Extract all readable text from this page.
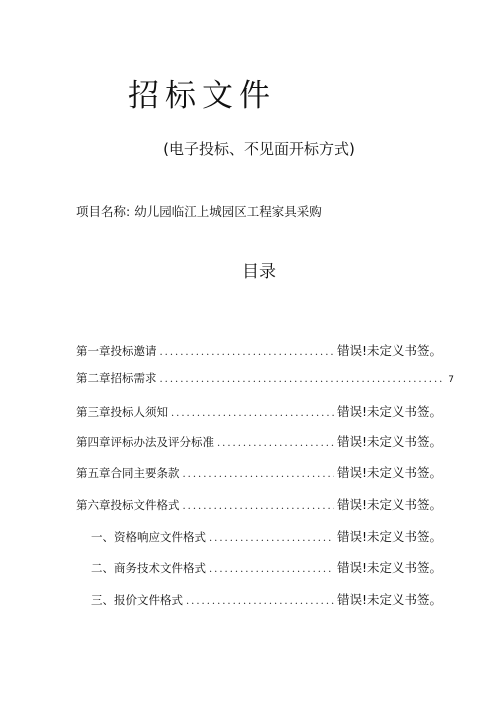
招标文件
(电子投标、不见面开标方式)
项目名称: 幼儿园临江上城园区工程家具采购
目录
第一章投标邀请 .....	错误!未定义书签。
第二章招标需求 .....	7
第三章投标人须知 .....	错误!未定义书签。
第四章评标办法及评分标准 .....	错误!未定义书签。
第五章合同主要条款 .....	错误!未定义书签。
第六章投标文件格式 .....	错误!未定义书签。
一、资格响应文件格式 .....	错误!未定义书签。
二、商务技术文件格式 .....	错误!未定义书签。
三、报价文件格式 .....	错误!未定义书签。
